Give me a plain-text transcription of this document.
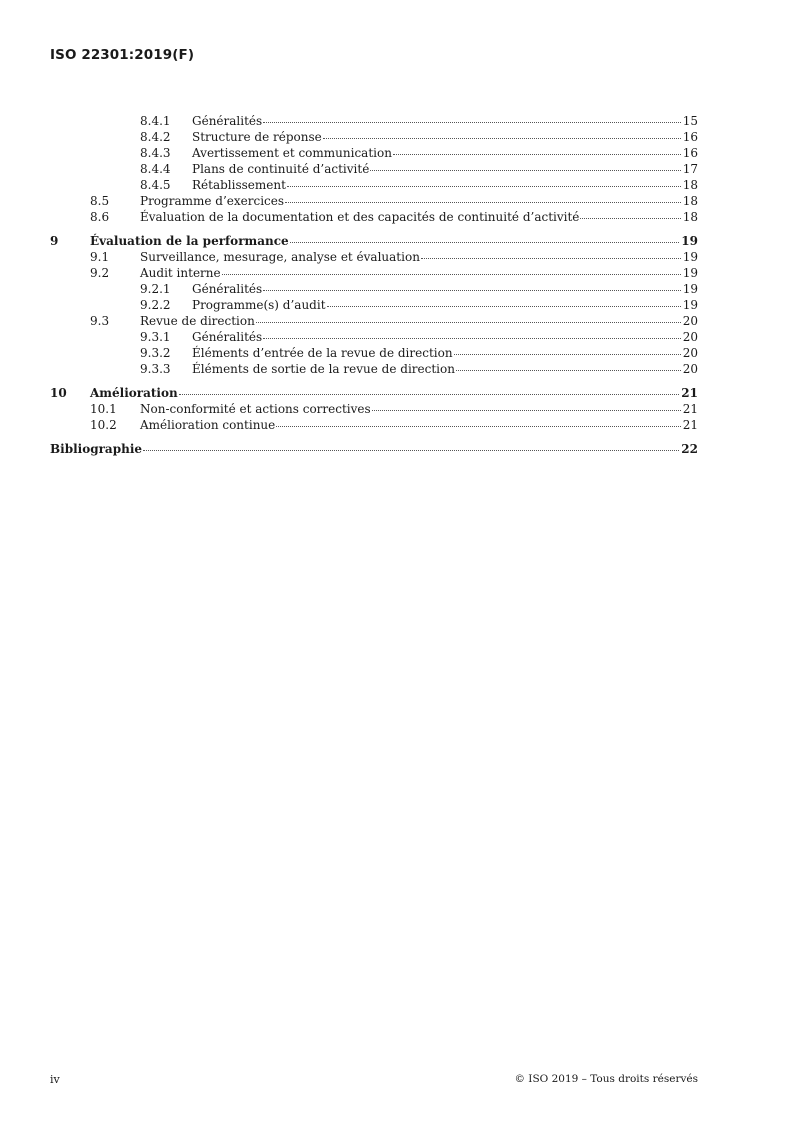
ISO 22301:2019(F)
8.4.1	Généralités	15
8.4.2	Structure de réponse	16
8.4.3	Avertissement et communication	16
8.4.4	Plans de continuité d’activité	17
8.4.5	Rétablissement	18
8.5	Programme d’exercices	18
8.6	Évaluation de la documentation et des capacités de continuité d’activité	18
9	Évaluation de la performance	19
9.1	Surveillance, mesurage, analyse et évaluation	19
9.2	Audit interne	19
9.2.1	Généralités	19
9.2.2	Programme(s) d’audit	19
9.3	Revue de direction	20
9.3.1	Généralités	20
9.3.2	Éléments d’entrée de la revue de direction	20
9.3.3	Éléments de sortie de la revue de direction	20
10	Amélioration	21
10.1	Non-conformité et actions correctives	21
10.2	Amélioration continue	21
Bibliographie	22
iv	© ISO 2019 – Tous droits réservés
